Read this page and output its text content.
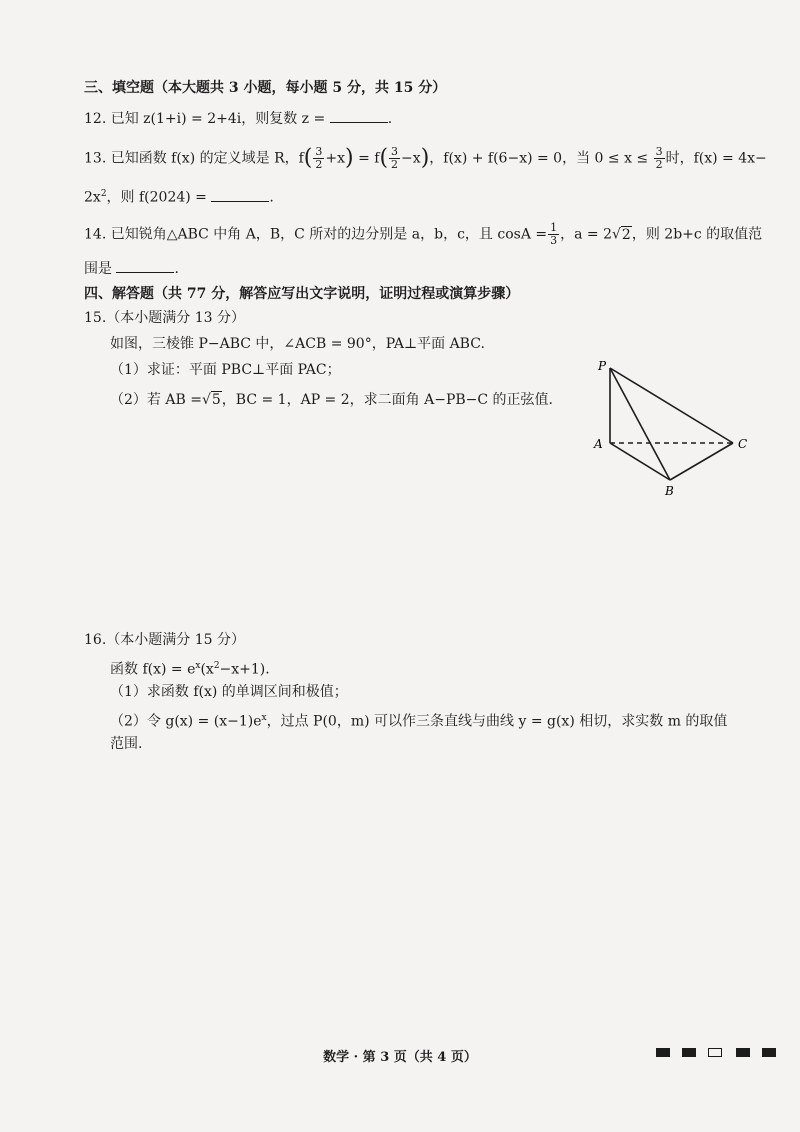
三、填空题（本大题共 3 小题，每小题 5 分，共 15 分）
12. 已知 z(1+i) = 2+4i，则复数 z =	.
13. 已知函数 f(x) 的定义域是 R，$f( \frac{3}{2} +x) = f( \frac{3}{2} -x)$，f(x) + f(6−x) = 0，当 $0 \le x \le \frac{3}{2}$ 时，f(x) = 4x−
$2x^2$，则 f(2024) =	.
14. 已知锐角△ABC 中角 A，B，C 所对的边分别是 a，b，c，且 $\cos A = \frac{1}{3}$ ，a = 2√2，则 2b+c 的取值范
围是	.
四、解答题（共 77 分，解答应写出文字说明，证明过程或演算步骤）
15.（本小题满分 13 分）
如图，三棱锥 P−ABC 中，∠ACB = 90°，PA⊥平面 ABC.
（1）求证：平面 PBC⊥平面 PAC；
（2）若 AB =√5，BC = 1，AP = 2，求二面角 A−PB−C 的正弦值.
P
A
B
C
16.（本小题满分 15 分）
函数 $f(x) = e^x(x^2-x+1)$.
（1）求函数 f(x) 的单调区间和极值；
（2）令 $g(x) = (x-1)e^x$，过点 P(0，m) 可以作三条直线与曲线 y = g(x) 相切，求实数 m 的取值
范围.
数学 · 第 3 页（共 4 页）
